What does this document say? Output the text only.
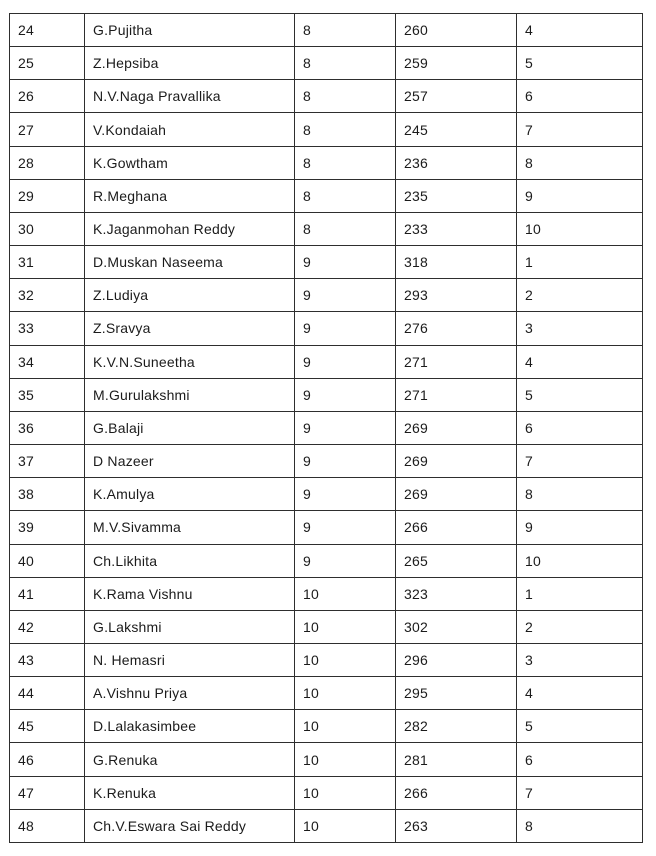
24	G.Pujitha	8	260	4
25	Z.Hepsiba	8	259	5
26	N.V.Naga Pravallika	8	257	6
27	V.Kondaiah	8	245	7
28	K.Gowtham	8	236	8
29	R.Meghana	8	235	9
30	K.Jaganmohan Reddy	8	233	10
31	D.Muskan Naseema	9	318	1
32	Z.Ludiya	9	293	2
33	Z.Sravya	9	276	3
34	K.V.N.Suneetha	9	271	4
35	M.Gurulakshmi	9	271	5
36	G.Balaji	9	269	6
37	D Nazeer	9	269	7
38	K.Amulya	9	269	8
39	M.V.Sivamma	9	266	9
40	Ch.Likhita	9	265	10
41	K.Rama Vishnu	10	323	1
42	G.Lakshmi	10	302	2
43	N. Hemasri	10	296	3
44	A.Vishnu Priya	10	295	4
45	D.Lalakasimbee	10	282	5
46	G.Renuka	10	281	6
47	K.Renuka	10	266	7
48	Ch.V.Eswara Sai Reddy	10	263	8
